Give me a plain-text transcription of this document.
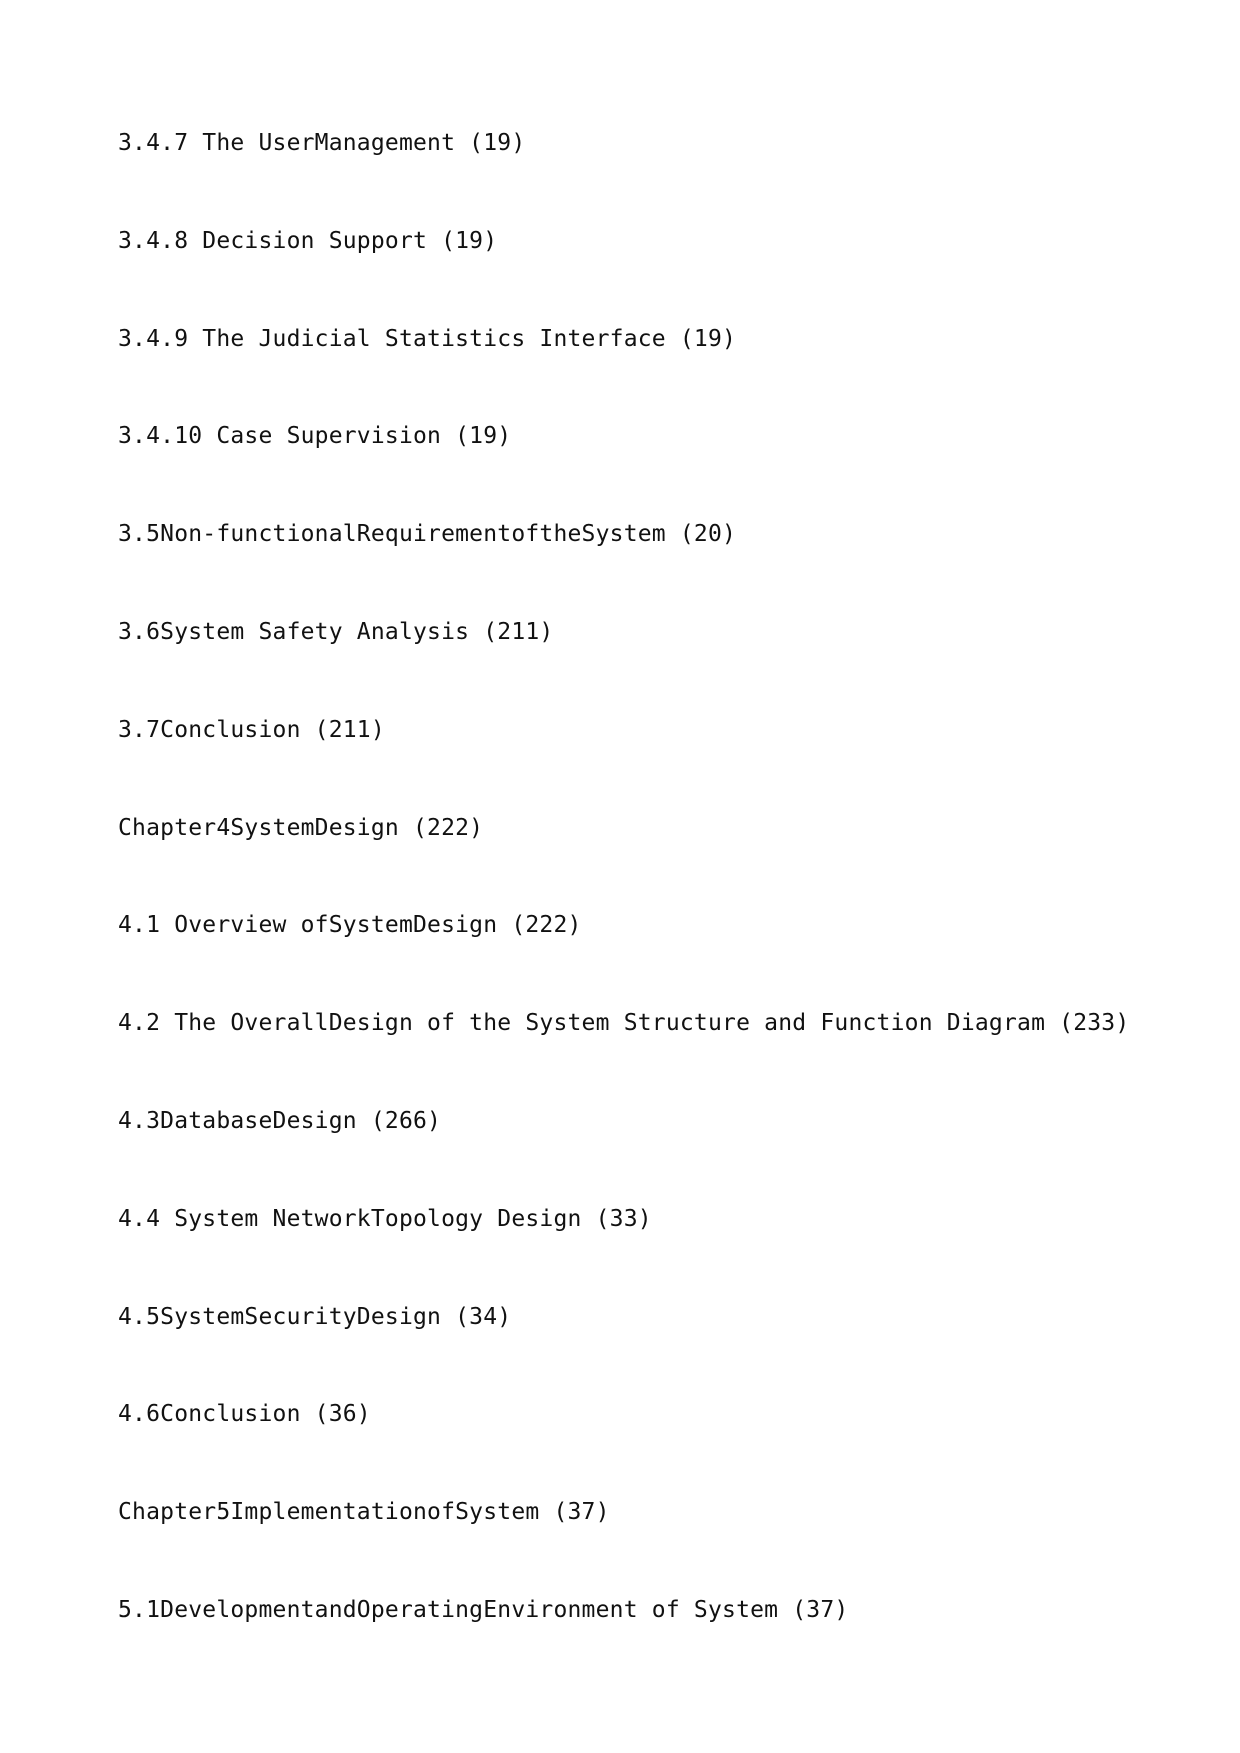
3.4.7 The UserManagement (19)
3.4.8 Decision Support (19)
3.4.9 The Judicial Statistics Interface (19)
3.4.10 Case Supervision (19)
3.5Non-functionalRequirementoftheSystem (20)
3.6System Safety Analysis (211)
3.7Conclusion (211)
Chapter4SystemDesign (222)
4.1 Overview ofSystemDesign (222)
4.2 The OverallDesign of the System Structure and Function Diagram (233)
4.3DatabaseDesign (266)
4.4 System NetworkTopology Design (33)
4.5SystemSecurityDesign (34)
4.6Conclusion (36)
Chapter5ImplementationofSystem (37)
5.1DevelopmentandOperatingEnvironment of System (37)
